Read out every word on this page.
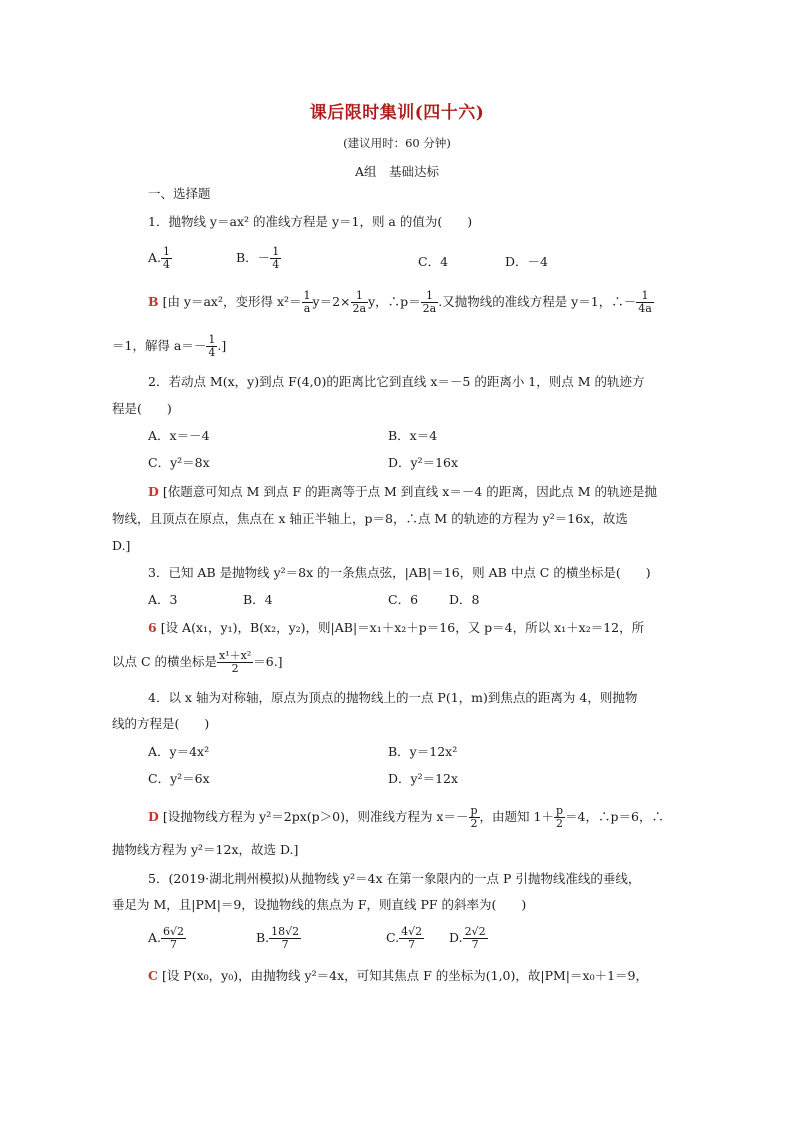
课后限时集训(四十六)
(建议用时：60 分钟)
A组　基础达标
一、选择题
1．抛物线 y＝ax² 的准线方程是 y＝1，则 a 的值为(　　)
A. $\frac{1}{4}$	B．－ $\frac{1}{4}$	C．4	D．－4
B [由 y＝ax²，变形得 $x^2= \frac{1}{a} y=2\times \frac{1}{2a}$ y，∴p＝ $\frac{1}{2a}$ .又抛物线的准线方程是 y＝1，∴－ $\frac{1}{4a}$
＝1，解得 $a=- \frac{1}{4}$ .]
2．若动点 M(x，y)到点 F(4,0)的距离比它到直线 x＝－5 的距离小 1，则点 M 的轨迹方
程是(　　)
A．x＝－4	B．x＝4
C．y²＝8x	D．y²＝16x
D [依题意可知点 M 到点 F 的距离等于点 M 到直线 x＝－4 的距离，因此点 M 的轨迹是抛
物线，且顶点在原点，焦点在 x 轴正半轴上，p＝8，∴点 M 的轨迹的方程为 y²＝16x，故选
D.]
3．已知 AB 是抛物线 y²＝8x 的一条焦点弦，|AB|＝16，则 AB 中点 C 的横坐标是(　　)
A．3	B．4	C．6 D．8
6 [设 A(x₁，y₁)，B(x₂，y₂)，则|AB|＝x₁＋x₂＋p＝16，又 p＝4，所以 x₁＋x₂＝12，所
以点 C 的横坐标是 $\frac{\text{x¹＋x²}}{2} =6$.]
4．以 x 轴为对称轴，原点为顶点的抛物线上的一点 P(1，m)到焦点的距离为 4，则抛物
线的方程是(　　)
A．y＝4x²	B．y＝12x²
C．y²＝6x	D．y²＝12x
D [设抛物线方程为 y²＝2px(p＞0)，则准线方程为 $x=- \frac{p}{2}$ ，由题知 $1+ \frac{p}{2} =4$，∴p＝6，∴
抛物线方程为 y²＝12x，故选 D.]
5．(2019·湖北荆州模拟)从抛物线 y²＝4x 在第一象限内的一点 P 引抛物线准线的垂线，
垂足为 M，且|PM|＝9，设抛物线的焦点为 F，则直线 PF 的斜率为(　　)
A. $\frac{6√2}{7}$	B. $\frac{18√2}{7}$	C. $\frac{4√2}{7} D$. $\frac{2√2}{7}$
C [设 P(x₀，y₀)，由抛物线 y²＝4x，可知其焦点 F 的坐标为(1,0)，故|PM|＝x₀＋1＝9，
